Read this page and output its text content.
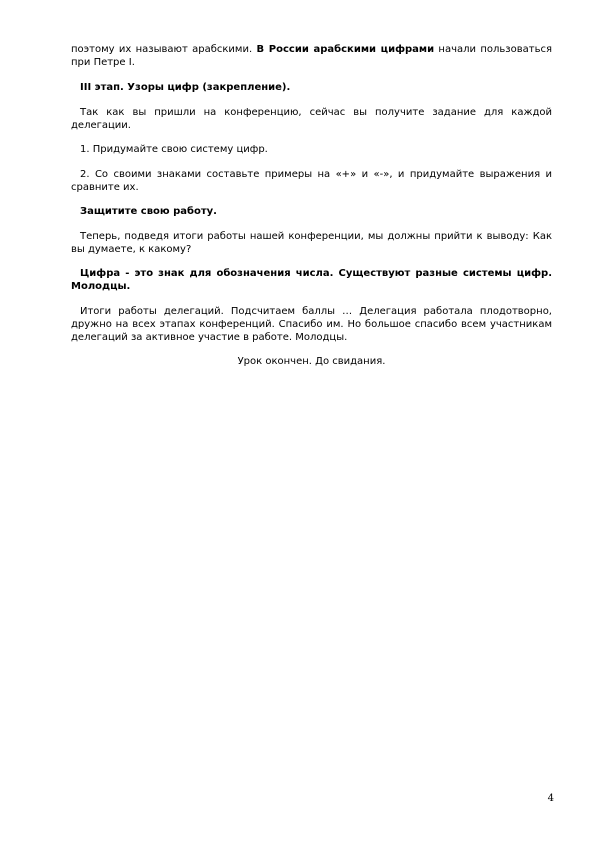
поэтому их называют арабскими. В России арабскими цифрами начали пользоваться при Петре I.

III этап. Узоры цифр (закрепление).

Так как вы пришли на конференцию, сейчас вы получите задание для каждой делегации.

1. Придумайте свою систему цифр.

2. Со своими знаками составьте примеры на «+» и «-», и придумайте выражения и сравните их.

Защитите свою работу.

Теперь, подведя итоги работы нашей конференции, мы должны прийти к выводу: Как вы думаете, к какому?

Цифра - это знак для обозначения числа. Существуют разные системы цифр. Молодцы.

Итоги работы делегаций. Подсчитаем баллы … Делегация работала плодотворно, дружно на всех этапах конференций. Спасибо им. Но большое спасибо всем участникам делегаций за активное участие в работе. Молодцы.

Урок окончен. До свидания.

4
